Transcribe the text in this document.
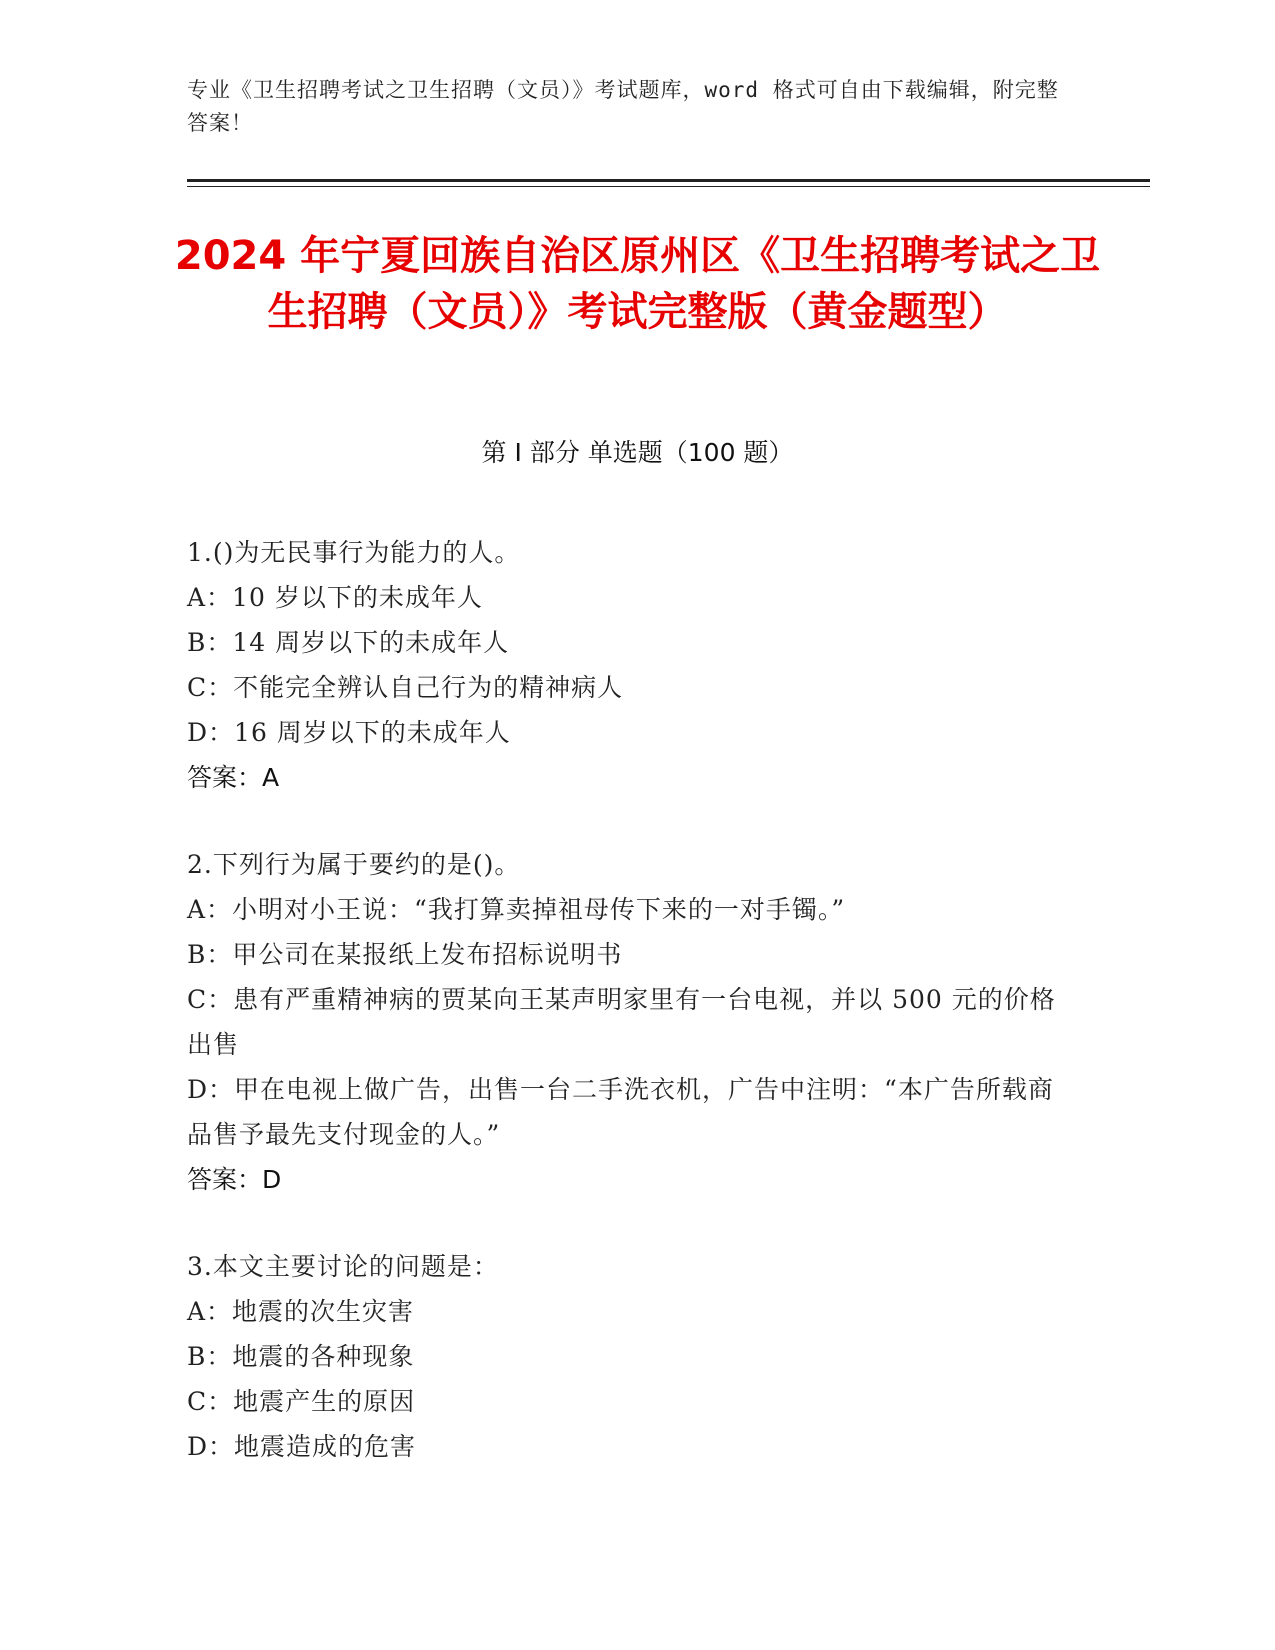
专业《卫生招聘考试之卫生招聘（文员）》考试题库，word 格式可自由下载编辑，附完整答案！
2024 年宁夏回族自治区原州区《卫生招聘考试之卫生招聘（文员）》考试完整版（黄金题型）
第 I 部分 单选题（100 题）
1.()为无民事行为能力的人。
A：10 岁以下的未成年人
B：14 周岁以下的未成年人
C：不能完全辨认自己行为的精神病人
D：16 周岁以下的未成年人
答案：A
2.下列行为属于要约的是()。
A：小明对小王说：“我打算卖掉祖母传下来的一对手镯。”
B：甲公司在某报纸上发布招标说明书
C：患有严重精神病的贾某向王某声明家里有一台电视，并以 500 元的价格出售
D：甲在电视上做广告，出售一台二手洗衣机，广告中注明：“本广告所载商品售予最先支付现金的人。”
答案：D
3.本文主要讨论的问题是：
A：地震的次生灾害
B：地震的各种现象
C：地震产生的原因
D：地震造成的危害
